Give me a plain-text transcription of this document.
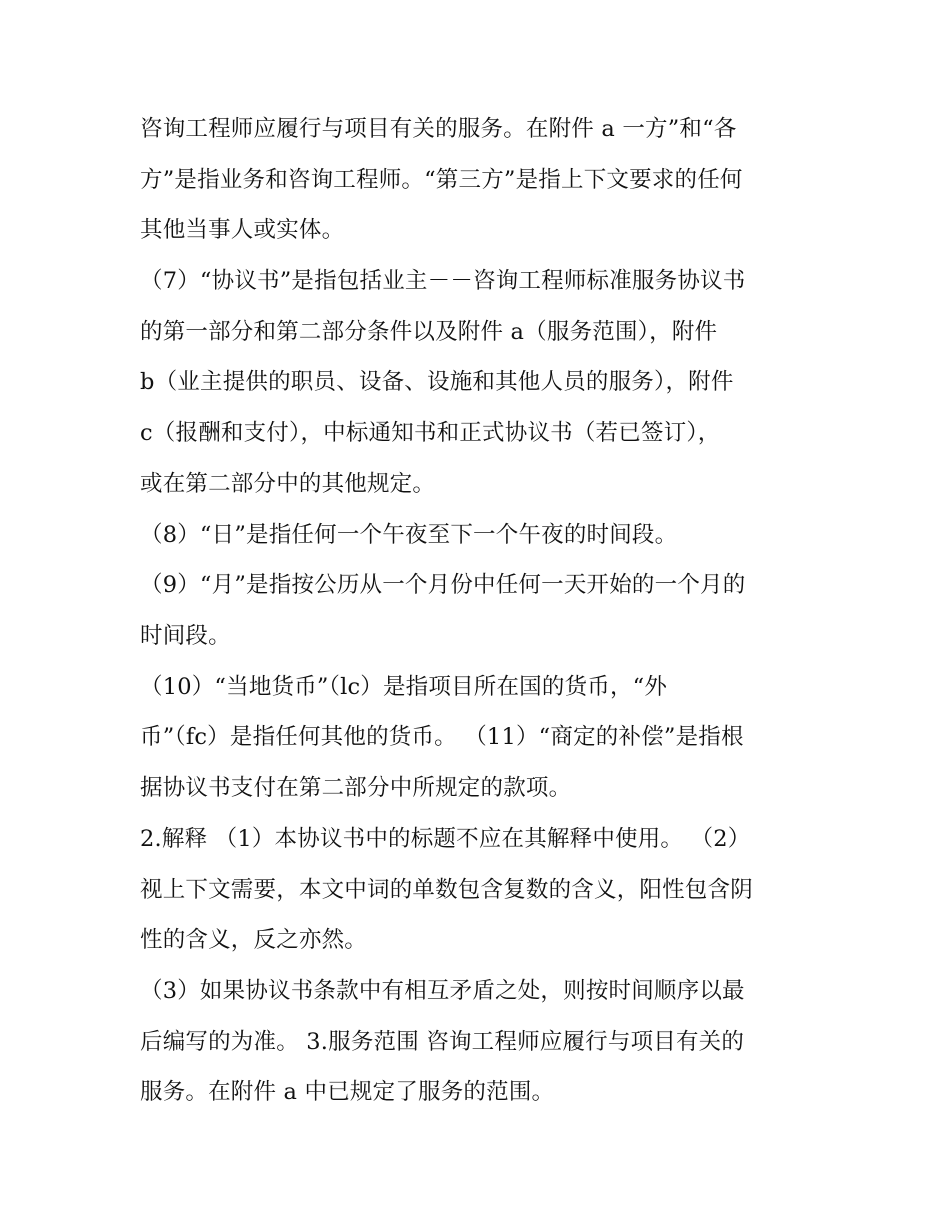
咨询工程师应履行与项目有关的服务。在附件 a 一方”和“各
方”是指业务和咨询工程师。“第三方”是指上下文要求的任何
其他当事人或实体。
（7）“协议书”是指包括业主－－咨询工程师标准服务协议书
的第一部分和第二部分条件以及附件 a（服务范围），附件
b（业主提供的职员、设备、设施和其他人员的服务），附件
c（报酬和支付），中标通知书和正式协议书（若已签订），
或在第二部分中的其他规定。
（8）“日”是指任何一个午夜至下一个午夜的时间段。
（9）“月”是指按公历从一个月份中任何一天开始的一个月的
时间段。
（10）“当地货币”（lc）是指项目所在国的货币，“外
币”（fc）是指任何其他的货币。 （11）“商定的补偿”是指根
据协议书支付在第二部分中所规定的款项。
2.解释 （1）本协议书中的标题不应在其解释中使用。 （2）
视上下文需要，本文中词的单数包含复数的含义，阳性包含阴
性的含义，反之亦然。
（3）如果协议书条款中有相互矛盾之处，则按时间顺序以最
后编写的为准。 3.服务范围 咨询工程师应履行与项目有关的
服务。在附件 a 中已规定了服务的范围。
